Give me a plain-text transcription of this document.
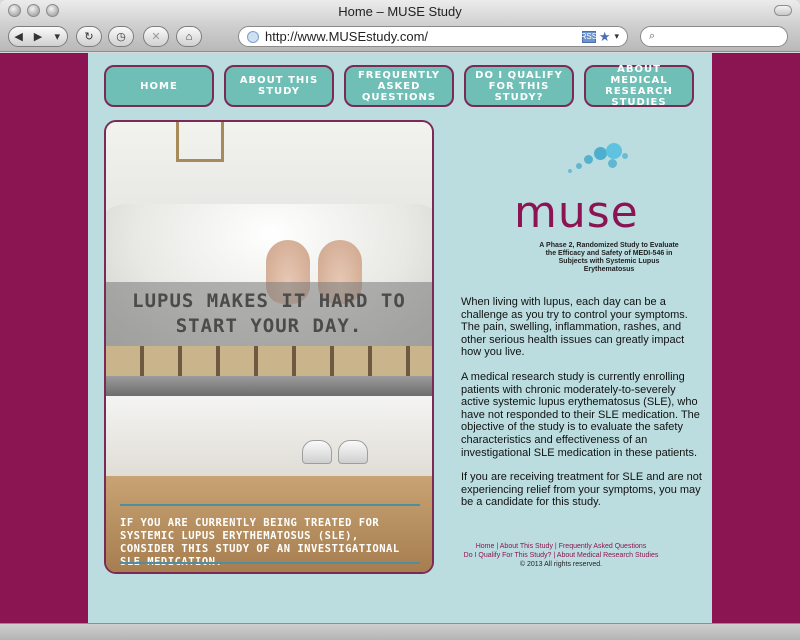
Home – MUSE Study
◀ ▶	▾	↻ ◷ ✕ ⌂	http://www.MUSEstudy.com/	RSS ★ ▾	⌕
HOME	ABOUT THIS STUDY
FREQUENTLY ASKED QUESTIONS
DO I QUALIFY FOR THIS STUDY?
ABOUT MEDICAL RESEARCH STUDIES
LUPUS MAKES IT HARD TO START YOUR DAY.
IF YOU ARE CURRENTLY BEING TREATED FOR SYSTEMIC LUPUS ERYTHEMATOSUS (SLE), CONSIDER THIS STUDY OF AN INVESTIGATIONAL
muse
A Phase 2, Randomized Study to Evaluate the Efficacy and Safety of MEDI-546 in Subjects with Systemic Lupus Erythematosus

When living with lupus, each day can be a challenge as you try to control your symptoms. The pain, swelling, inflammation, rashes, and other serious health issues can greatly impact how you live.

A medical research study is currently enrolling patients with chronic moderately-to-severely active systemic lupus erythematosus (SLE), who have not responded to their SLE medication. The objective of the study is to evaluate the safety characteristics and effectiveness of an investigational SLE medication in these patients.

If you are receiving treatment for SLE and are not experiencing relief from your symptoms, you may be a candidate for this study.

Home | About This Study | Frequently Asked Questions
Do I Qualify For This Study? | About Medical Research Studies
© 2013 All rights reserved.
